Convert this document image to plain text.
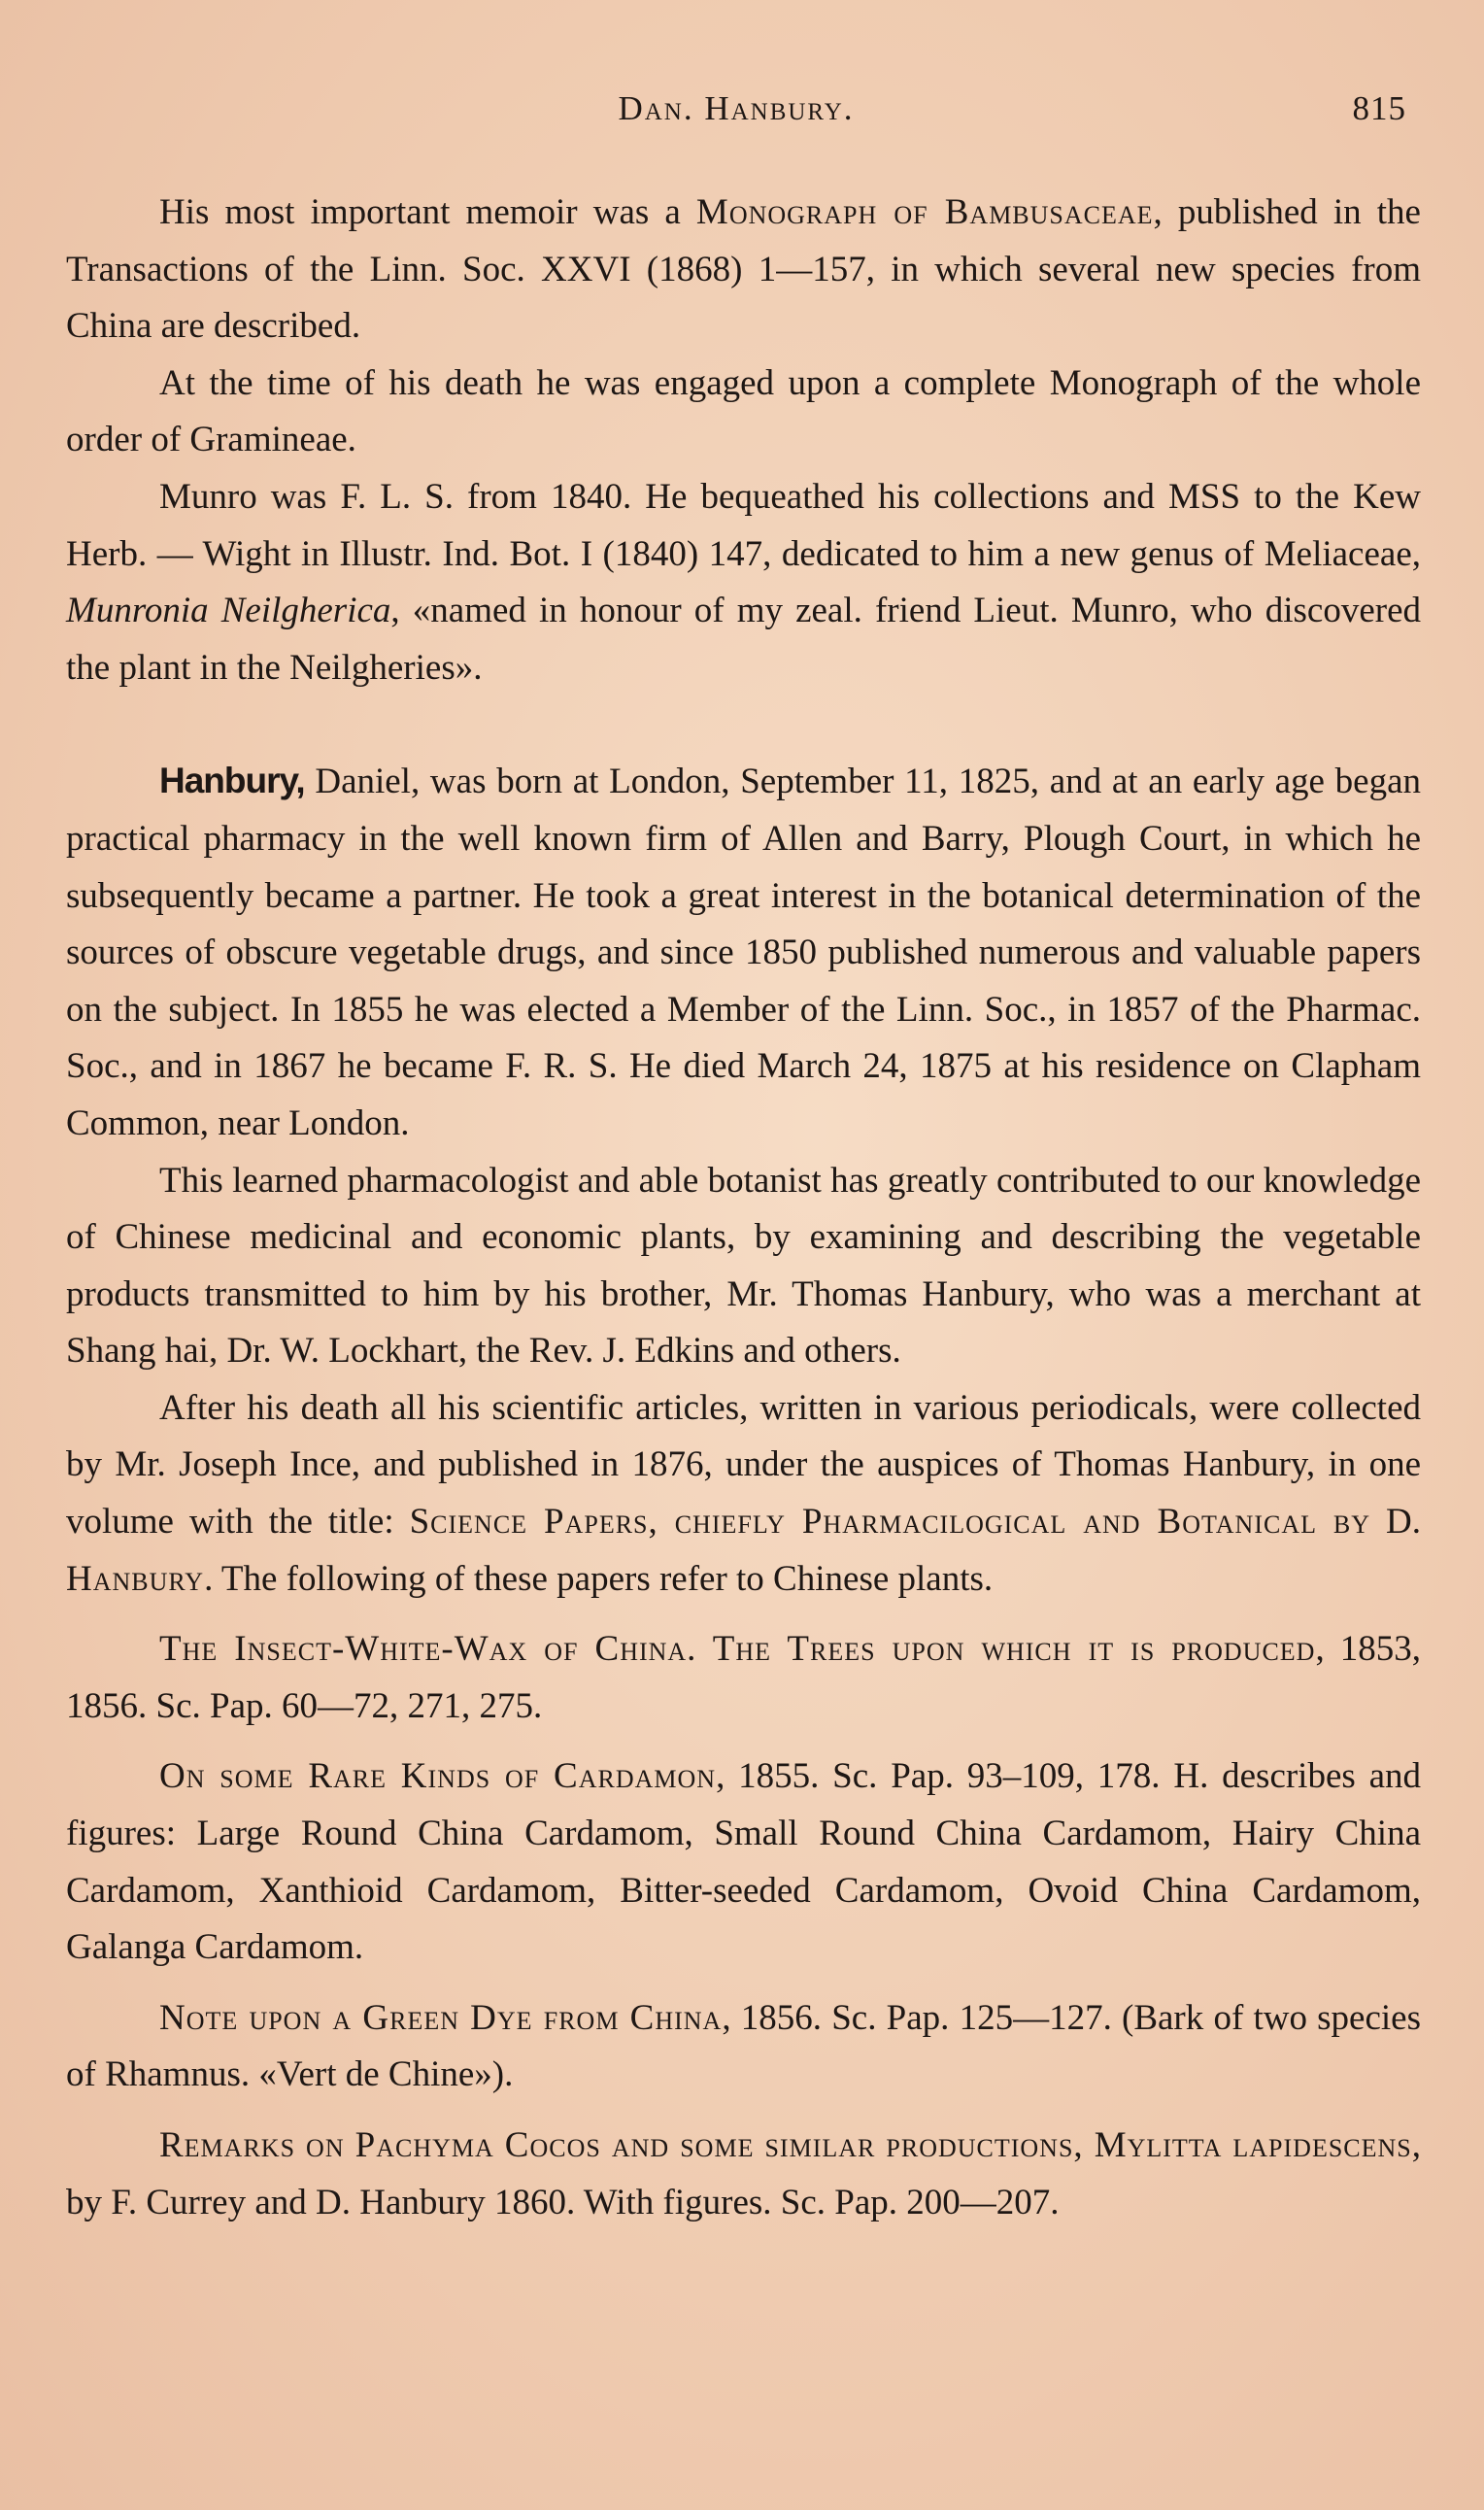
Dan. Hanbury.	815

His most important memoir was a Monograph of Bambusaceae, published in the Transactions of the Linn. Soc. XXVI (1868) 1—157, in which several new species from China are described.

At the time of his death he was engaged upon a complete Monograph of the whole order of Gramineae.

Munro was F. L. S. from 1840. He bequeathed his collections and MSS to the Kew Herb. — Wight in Illustr. Ind. Bot. I (1840) 147, dedicated to him a new genus of Meliaceae, Munronia Neilgherica, «named in honour of my zeal. friend Lieut. Munro, who discovered the plant in the Neilgheries».

Hanbury, Daniel, was born at London, September 11, 1825, and at an early age began practical pharmacy in the well known firm of Allen and Barry, Plough Court, in which he subsequently became a partner. He took a great interest in the botanical determination of the sources of obscure vegetable drugs, and since 1850 published numerous and valuable papers on the subject. In 1855 he was elected a Member of the Linn. Soc., in 1857 of the Pharmac. Soc., and in 1867 he became F. R. S. He died March 24, 1875 at his residence on Clapham Common, near London.

This learned pharmacologist and able botanist has greatly contributed to our knowledge of Chinese medicinal and economic plants, by examining and describing the vegetable products transmitted to him by his brother, Mr. Thomas Hanbury, who was a merchant at Shang hai, Dr. W. Lockhart, the Rev. J. Edkins and others.

After his death all his scientific articles, written in various periodicals, were collected by Mr. Joseph Ince, and published in 1876, under the auspices of Thomas Hanbury, in one volume with the title: Science Papers, chiefly Pharmacilogical and Botanical by D. Hanbury. The following of these papers refer to Chinese plants.

The Insect-White-Wax of China. The Trees upon which it is produced, 1853, 1856. Sc. Pap. 60—72, 271, 275.

On some Rare Kinds of Cardamon, 1855. Sc. Pap. 93–109, 178. H. describes and figures: Large Round China Cardamom, Small Round China Cardamom, Hairy China Cardamom, Xanthioid Cardamom, Bitter-seeded Cardamom, Ovoid China Cardamom, Galanga Cardamom.

Note upon a Green Dye from China, 1856. Sc. Pap. 125—127. (Bark of two species of Rhamnus. «Vert de Chine»).

Remarks on Pachyma Cocos and some similar productions, Mylitta lapidescens, by F. Currey and D. Hanbury 1860. With figures. Sc. Pap. 200—207.
